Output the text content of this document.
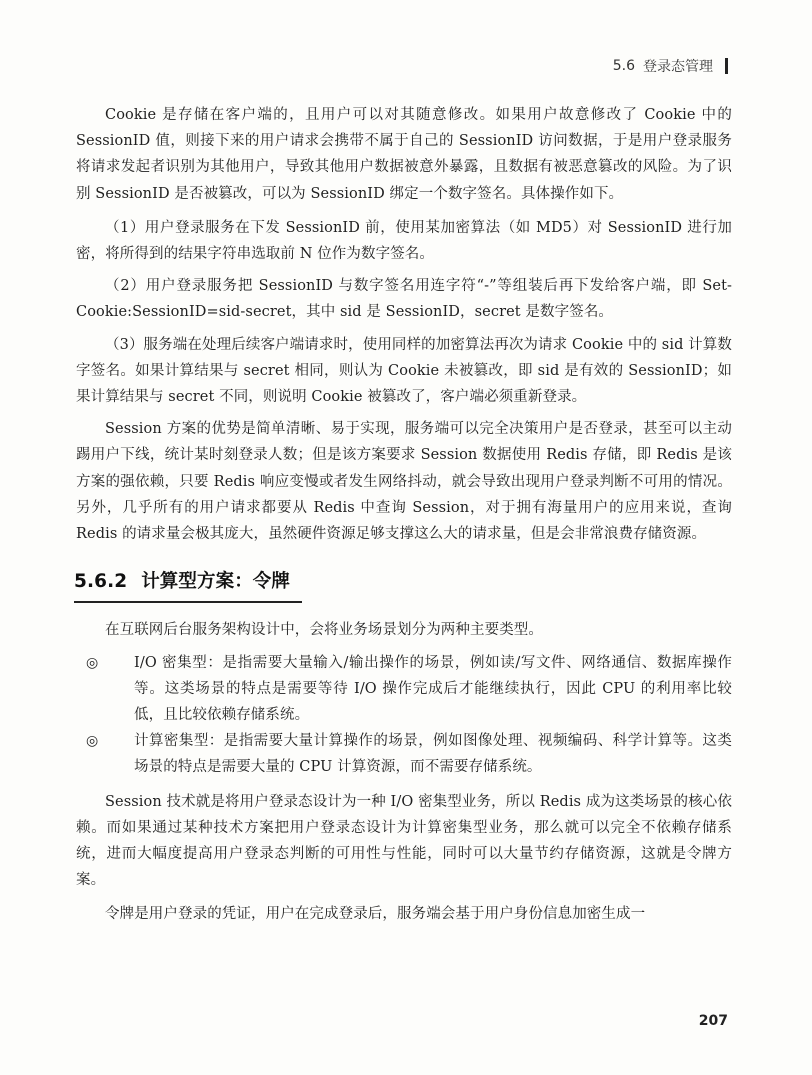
5.6 登录态管理

Cookie 是存储在客户端的，且用户可以对其随意修改。如果用户故意修改了 Cookie 中的 SessionID 值，则接下来的用户请求会携带不属于自己的 SessionID 访问数据，于是用户登录服务将请求发起者识别为其他用户，导致其他用户数据被意外暴露，且数据有被恶意篡改的风险。为了识别 SessionID 是否被篡改，可以为 SessionID 绑定一个数字签名。具体操作如下。

（1）用户登录服务在下发 SessionID 前，使用某加密算法（如 MD5）对 SessionID 进行加密，将所得到的结果字符串选取前 N 位作为数字签名。

（2）用户登录服务把 SessionID 与数字签名用连字符“-”等组装后再下发给客户端，即 Set-Cookie:SessionID=sid-secret，其中 sid 是 SessionID，secret 是数字签名。

（3）服务端在处理后续客户端请求时，使用同样的加密算法再次为请求 Cookie 中的 sid 计算数字签名。如果计算结果与 secret 相同，则认为 Cookie 未被篡改，即 sid 是有效的 SessionID；如果计算结果与 secret 不同，则说明 Cookie 被篡改了，客户端必须重新登录。

Session 方案的优势是简单清晰、易于实现，服务端可以完全决策用户是否登录，甚至可以主动踢用户下线，统计某时刻登录人数；但是该方案要求 Session 数据使用 Redis 存储，即 Redis 是该方案的强依赖，只要 Redis 响应变慢或者发生网络抖动，就会导致出现用户登录判断不可用的情况。另外，几乎所有的用户请求都要从 Redis 中查询 Session，对于拥有海量用户的应用来说，查询 Redis 的请求量会极其庞大，虽然硬件资源足够支撑这么大的请求量，但是会非常浪费存储资源。

5.6.2 计算型方案：令牌

在互联网后台服务架构设计中，会将业务场景划分为两种主要类型。

◎ I/O 密集型：是指需要大量输入/输出操作的场景，例如读/写文件、网络通信、数据库操作等。这类场景的特点是需要等待 I/O 操作完成后才能继续执行，因此 CPU 的利用率比较低，且比较依赖存储系统。
◎ 计算密集型：是指需要大量计算操作的场景，例如图像处理、视频编码、科学计算等。这类场景的特点是需要大量的 CPU 计算资源，而不需要存储系统。

Session 技术就是将用户登录态设计为一种 I/O 密集型业务，所以 Redis 成为这类场景的核心依赖。而如果通过某种技术方案把用户登录态设计为计算密集型业务，那么就可以完全不依赖存储系统，进而大幅度提高用户登录态判断的可用性与性能，同时可以大量节约存储资源，这就是令牌方案。

令牌是用户登录的凭证，用户在完成登录后，服务端会基于用户身份信息加密生成一

207
